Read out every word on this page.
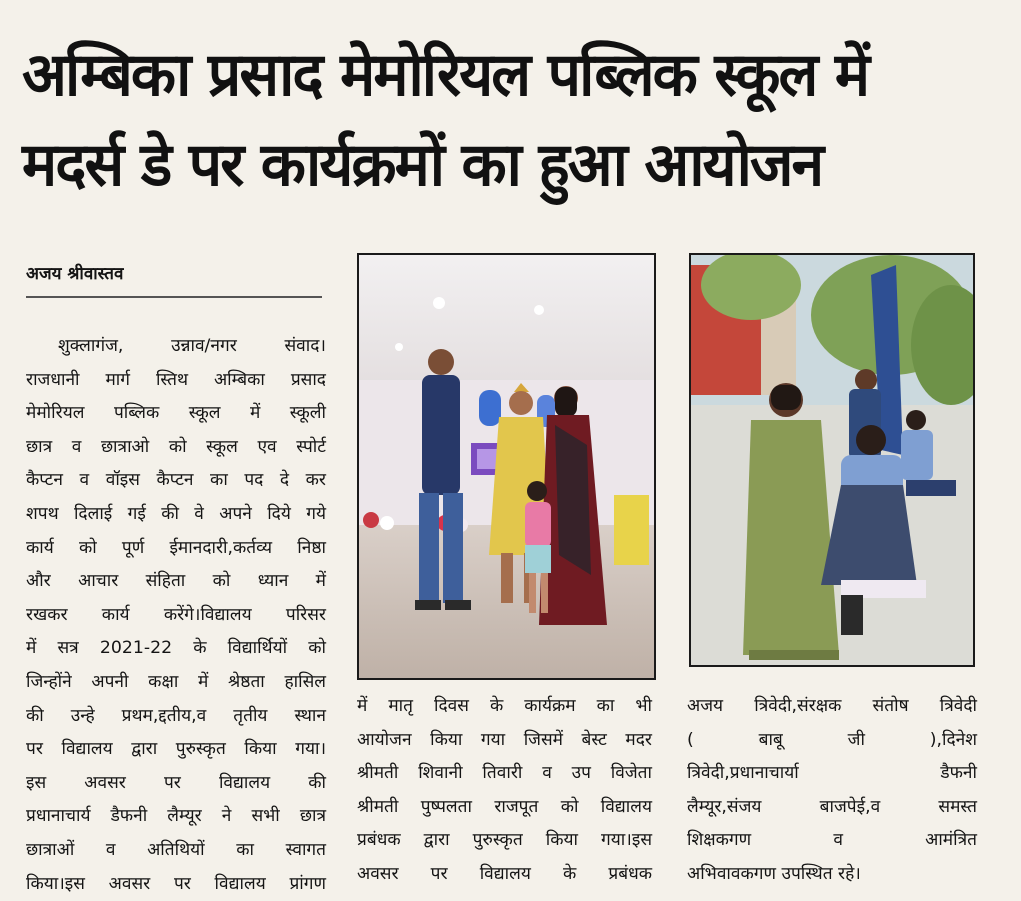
अम्बिका प्रसाद मेमोरियल पब्लिक स्कूल में
मदर्स डे पर कार्यक्रमों का हुआ आयोजन
अजय श्रीवास्तव

शुक्लागंज, उन्नाव/नगर संवाद।

राजधानी मार्ग स्तिथ अम्बिका प्रसाद

मेमोरियल पब्लिक स्कूल में स्कूली

छात्र व छात्राओ को स्कूल एव स्पोर्ट

कैप्टन व वॉइस कैप्टन का पद दे कर

शपथ दिलाई गई की वे अपने दिये गये

कार्य को पूर्ण ईमानदारी,कर्तव्य निष्ठा

और आचार संहिता को ध्यान में

रखकर कार्य करेंगे।विद्यालय परिसर

में सत्र 2021-22 के विद्यार्थियों को

जिन्होंने अपनी कक्षा में श्रेष्ठता हासिल

की उन्हे प्रथम,द्दतीय,व तृतीय स्थान

पर विद्यालय द्वारा पुरुस्कृत किया गया।

इस अवसर पर विद्यालय की

प्रधानाचार्य डैफनी लैम्यूर ने सभी छात्र

छात्राओं व अतिथियों का स्वागत

किया।इस अवसर पर विद्यालय प्रांगण

में मातृ दिवस के कार्यक्रम का भी

आयोजन किया गया जिसमें बेस्ट मदर

श्रीमती शिवानी तिवारी व उप विजेता

श्रीमती पुष्पलता राजपूत को विद्यालय

प्रबंधक द्वारा पुरुस्कृत किया गया।इस

अवसर पर विद्यालय के प्रबंधक

अजय त्रिवेदी,संरक्षक संतोष त्रिवेदी

( बाबू जी ),दिनेश

त्रिवेदी,प्रधानाचार्या डैफनी

लैम्यूर,संजय बाजपेई,व समस्त

शिक्षकगण व आमंत्रित

अभिवावकगण उपस्थित रहे।
